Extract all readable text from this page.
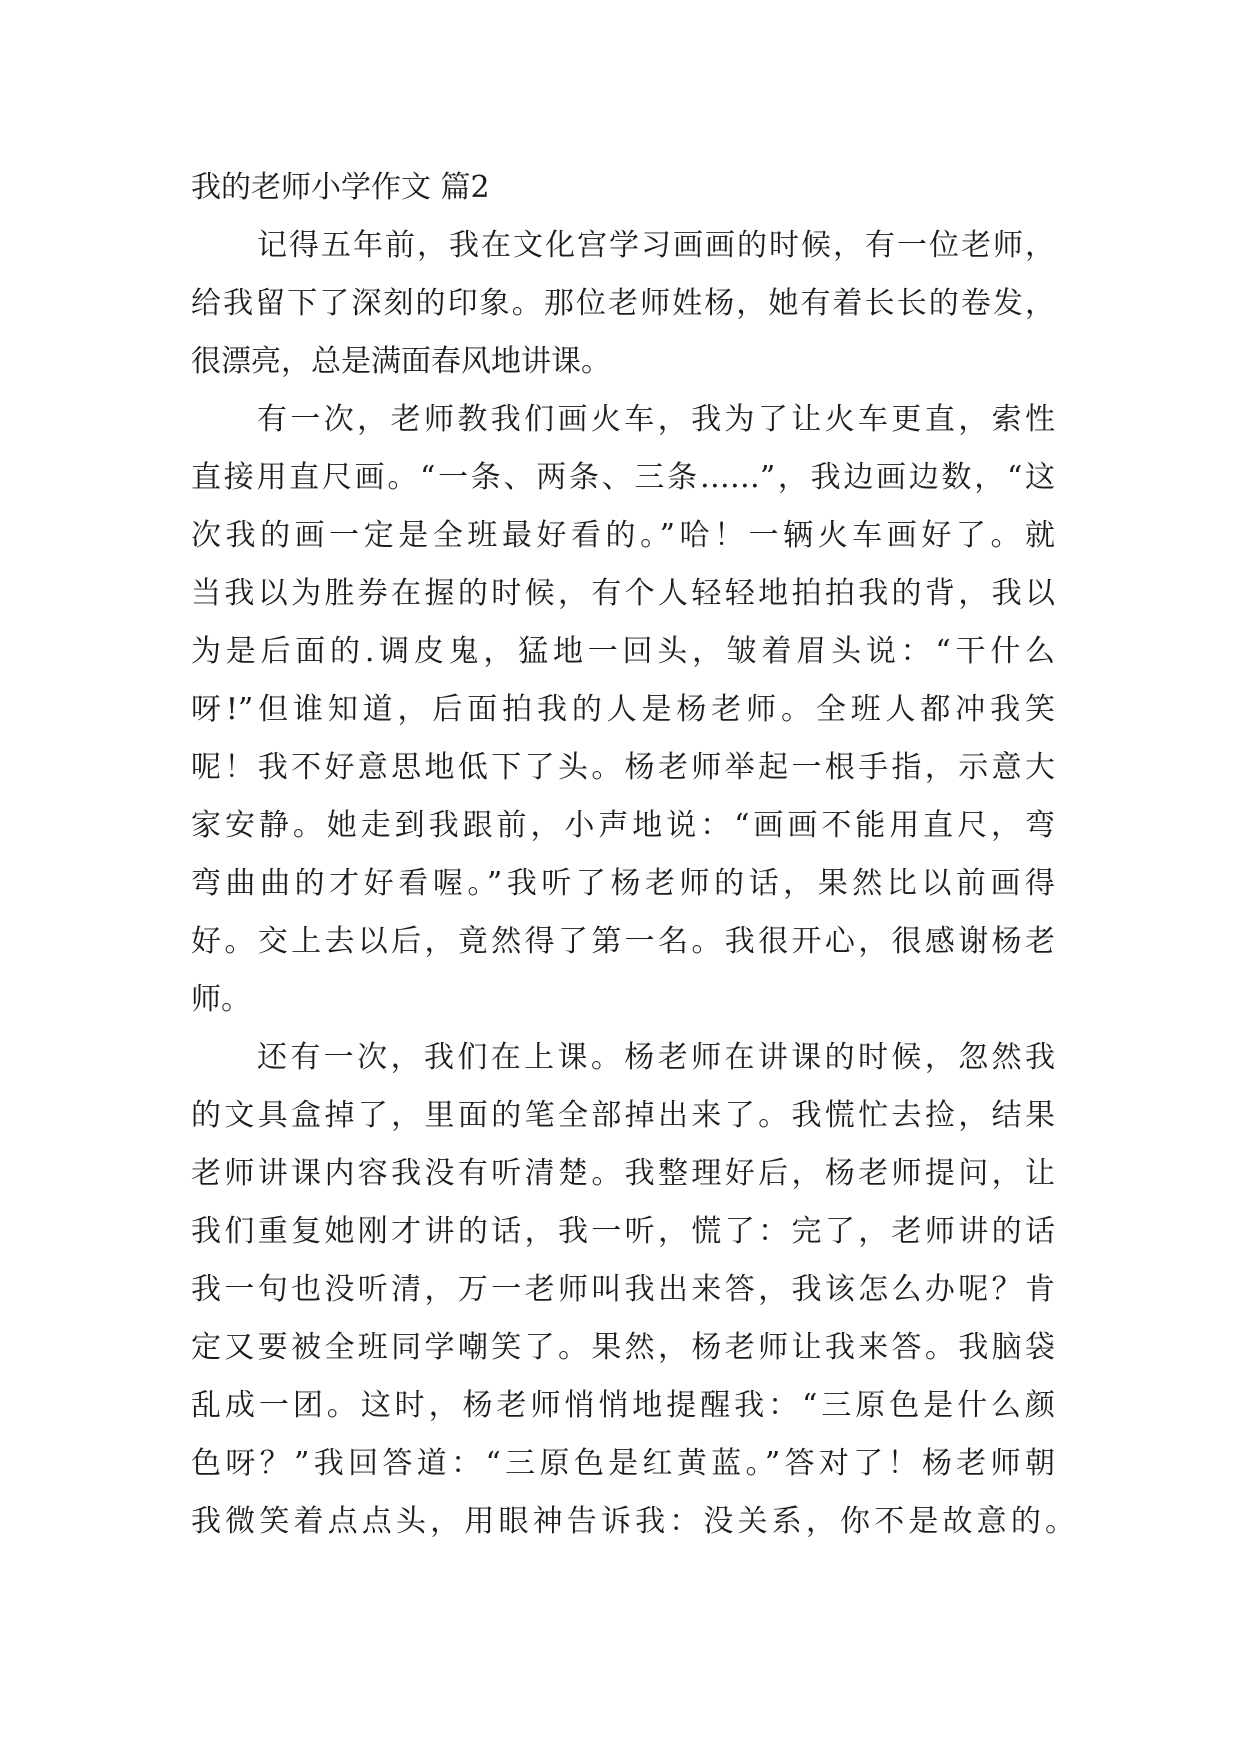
我的老师小学作文 篇2
记得五年前，我在文化宫学习画画的时候，有一位老师，
给我留下了深刻的印象。那位老师姓杨，她有着长长的卷发，
很漂亮，总是满面春风地讲课。
有一次，老师教我们画火车，我为了让火车更直，索性
直接用直尺画。“一条、两条、三条……”，我边画边数，“这
次我的画一定是全班最好看的。”哈！一辆火车画好了。就
当我以为胜券在握的时候，有个人轻轻地拍拍我的背，我以
为是后面的.调皮鬼，猛地一回头，皱着眉头说：“干什么
呀!”但谁知道，后面拍我的人是杨老师。全班人都冲我笑
呢！我不好意思地低下了头。杨老师举起一根手指，示意大
家安静。她走到我跟前，小声地说：“画画不能用直尺，弯
弯曲曲的才好看喔。”我听了杨老师的话，果然比以前画得
好。交上去以后，竟然得了第一名。我很开心，很感谢杨老
师。
还有一次，我们在上课。杨老师在讲课的时候，忽然我
的文具盒掉了，里面的笔全部掉出来了。我慌忙去捡，结果
老师讲课内容我没有听清楚。我整理好后，杨老师提问，让
我们重复她刚才讲的话，我一听，慌了：完了，老师讲的话
我一句也没听清，万一老师叫我出来答，我该怎么办呢？肯
定又要被全班同学嘲笑了。果然，杨老师让我来答。我脑袋
乱成一团。这时，杨老师悄悄地提醒我：“三原色是什么颜
色呀？”我回答道：“三原色是红黄蓝。”答对了！杨老师朝
我微笑着点点头，用眼神告诉我：没关系，你不是故意的。
